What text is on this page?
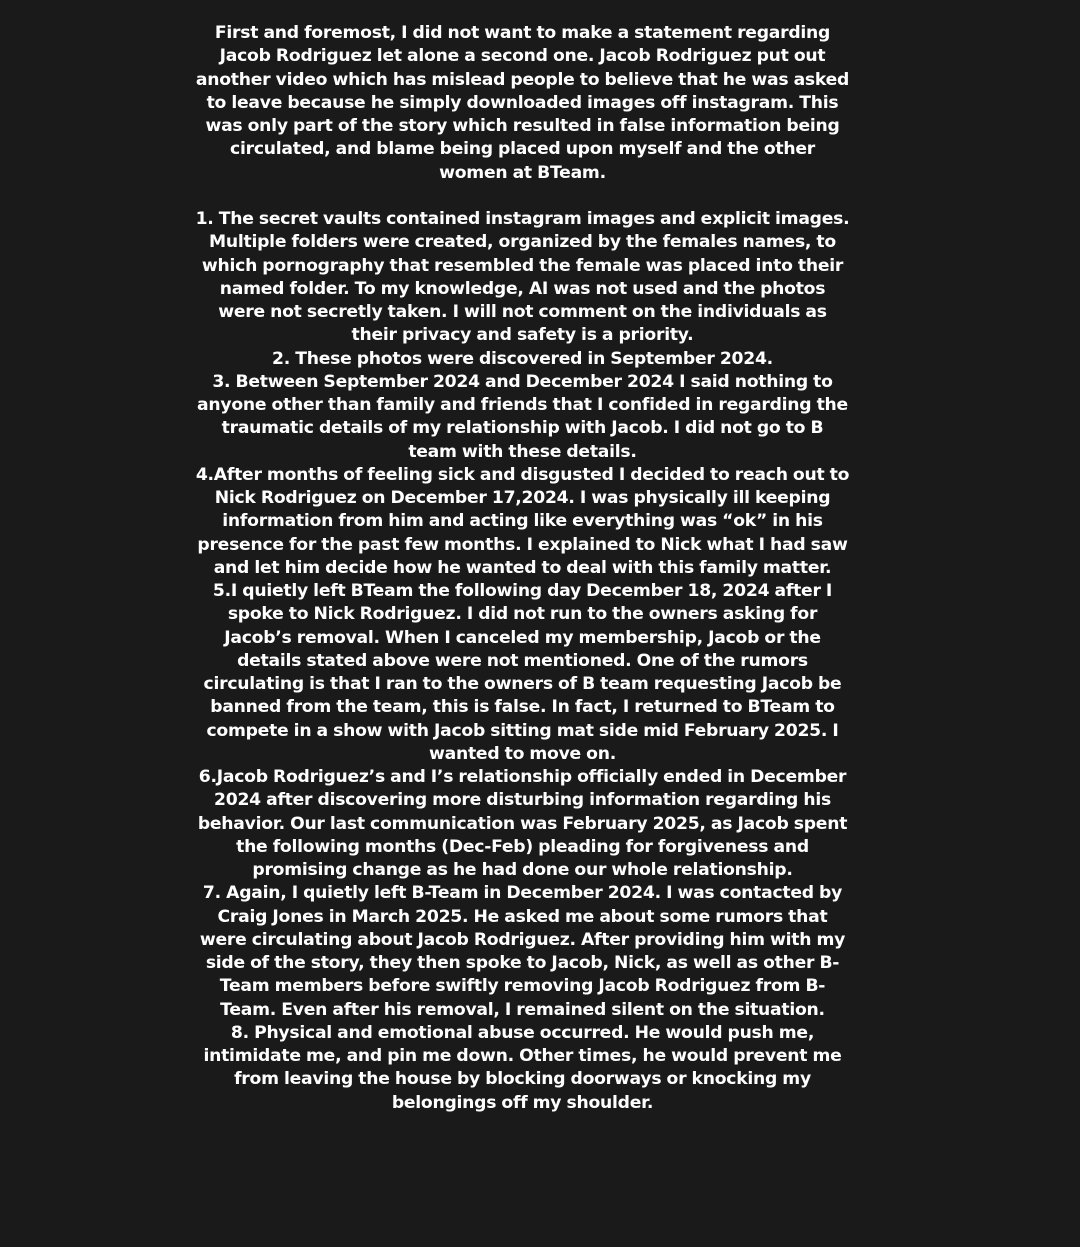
First and foremost, I did not want to make a statement regarding Jacob Rodriguez let alone a second one. Jacob Rodriguez put out another video which has mislead people to believe that he was asked to leave because he simply downloaded images off instagram. This was only part of the story which resulted in false information being circulated, and blame being placed upon myself and the other women at BTeam.

1. The secret vaults contained instagram images and explicit images. Multiple folders were created, organized by the females names, to which pornography that resembled the female was placed into their named folder. To my knowledge, AI was not used and the photos were not secretly taken. I will not comment on the individuals as their privacy and safety is a priority.

2. These photos were discovered in September 2024.

3. Between September 2024 and December 2024 I said nothing to anyone other than family and friends that I confided in regarding the traumatic details of my relationship with Jacob. I did not go to B team with these details.

4.After months of feeling sick and disgusted I decided to reach out to Nick Rodriguez on December 17,2024. I was physically ill keeping information from him and acting like everything was “ok” in his presence for the past few months. I explained to Nick what I had saw and let him decide how he wanted to deal with this family matter.

5.I quietly left BTeam the following day December 18, 2024 after I spoke to Nick Rodriguez. I did not run to the owners asking for Jacob’s removal. When I canceled my membership, Jacob or the details stated above were not mentioned. One of the rumors circulating is that I ran to the owners of B team requesting Jacob be banned from the team, this is false. In fact, I returned to BTeam to compete in a show with Jacob sitting mat side mid February 2025. I wanted to move on.

6.Jacob Rodriguez’s and I’s relationship officially ended in December 2024 after discovering more disturbing information regarding his behavior. Our last communication was February 2025, as Jacob spent the following months (Dec-Feb) pleading for forgiveness and promising change as he had done our whole relationship.

7. Again, I quietly left B-Team in December 2024. I was contacted by Craig Jones in March 2025. He asked me about some rumors that were circulating about Jacob Rodriguez. After providing him with my side of the story, they then spoke to Jacob, Nick, as well as other B-Team members before swiftly removing Jacob Rodriguez from B-Team. Even after his removal, I remained silent on the situation.

8. Physical and emotional abuse occurred. He would push me, intimidate me, and pin me down. Other times, he would prevent me from leaving the house by blocking doorways or knocking my belongings off my shoulder.
